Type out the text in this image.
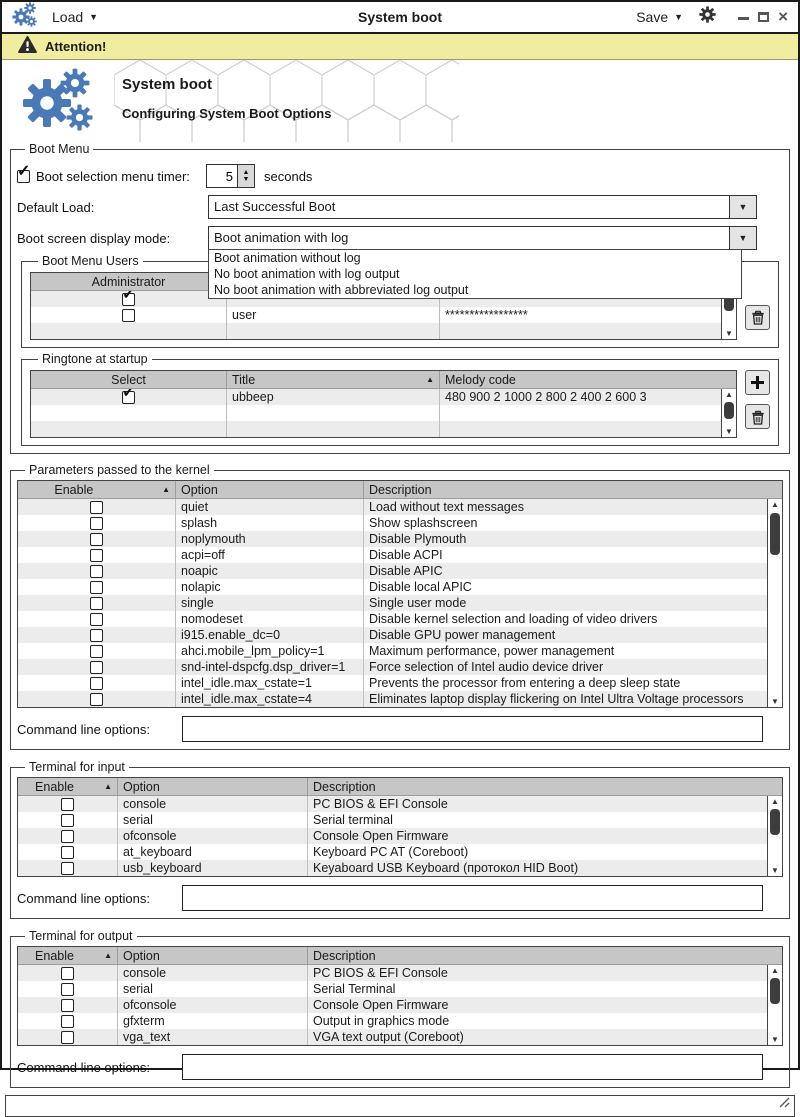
Load ▼	System boot	Save ▼	×
Attention!
System boot
Configuring System Boot Options
Boot Menu
✓
Boot selection menu timer:
5	▲
▼ seconds
Default Load:	Last Successful Boot	▼
Boot screen display mode:	Boot animation with log	▼
Boot animation without log
No boot animation with log output
No boot animation with abbreviated log output
Boot Menu Users
Administrator
✓
user	*****************
▼
Ringtone at startup
Select	Title	▲ Melody code
✓
ubbeep	480 900 2 1000 2 800 2 400 2 600 3	▲
▼
Parameters passed to the kernel
Enable	▲ Option	Description
quiet	Load without text messages
splash	Show splashscreen
noplymouth	Disable Plymouth
acpi=off	Disable ACPI
noapic	Disable APIC
nolapic	Disable local APIC
single	Single user mode
nomodeset	Disable kernel selection and loading of video drivers
i915.enable_dc=0	Disable GPU power management
ahci.mobile_lpm_policy=1	Maximum performance, power management
snd-intel-dspcfg.dsp_driver=1	Force selection of Intel audio device driver
intel_idle.max_cstate=1	Prevents the processor from entering a deep sleep state
intel_idle.max_cstate=4	Eliminates laptop display flickering on Intel Ultra Voltage processors
▲
▼
Command line options:
Terminal for input
Enable	▲ Option	Description
console	PC BIOS & EFI Console
serial	Serial terminal
ofconsole	Console Open Firmware
at_keyboard	Keyboard PC AT (Coreboot)
usb_keyboard	Keyaboard USB Keyboard (протокол HID Boot)
▲
▼
Command line options:
Terminal for output
Enable	▲ Option	Description
console	PC BIOS & EFI Console
serial	Serial Terminal
ofconsole	Console Open Firmware
gfxterm	Output in graphics mode
vga_text	VGA text output (Coreboot)
▲
▼
Command line options:
